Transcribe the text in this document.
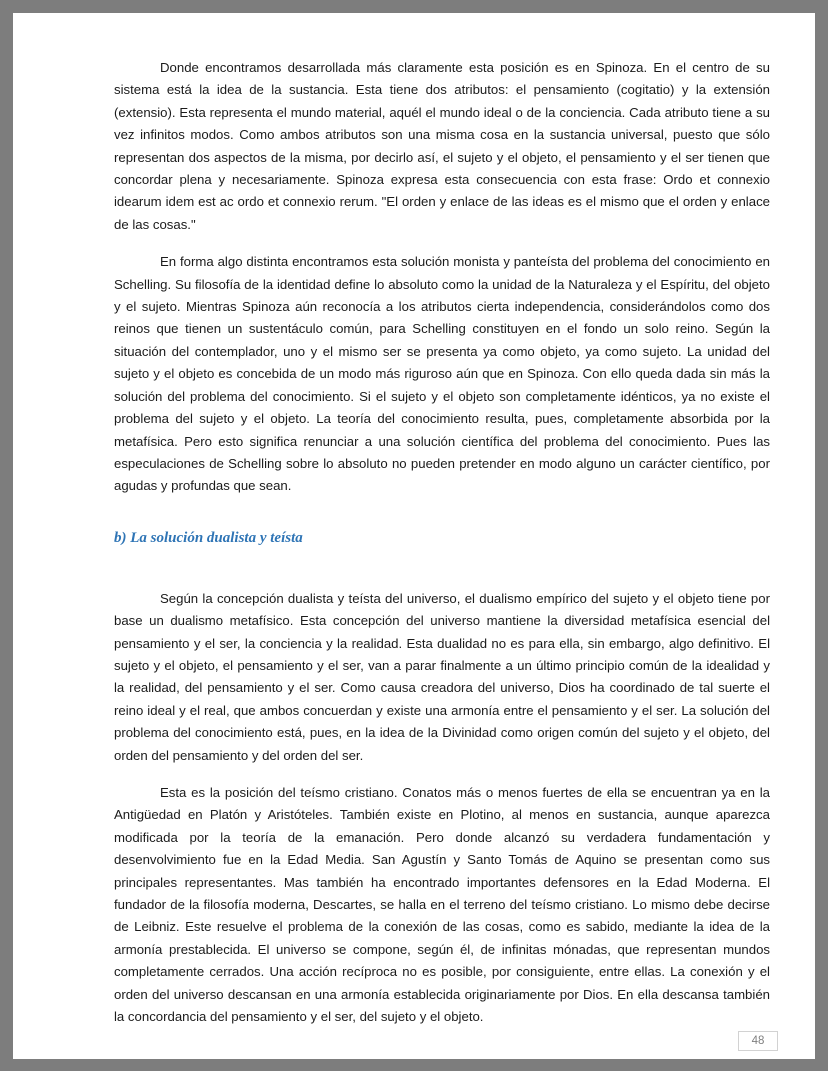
Donde encontramos desarrollada más claramente esta posición es en Spinoza. En el centro de su sistema está la idea de la sustancia. Esta tiene dos atributos: el pensamiento (cogitatio) y la extensión (extensio). Esta representa el mundo material, aquél el mundo ideal o de la conciencia. Cada atributo tiene a su vez infinitos modos. Como ambos atributos son una misma cosa en la sustancia universal, puesto que sólo representan dos aspectos de la misma, por decirlo así, el sujeto y el objeto, el pensamiento y el ser tienen que concordar plena y necesariamente. Spinoza expresa esta consecuencia con esta frase: Ordo et connexio idearum idem est ac ordo et connexio rerum. "El orden y enlace de las ideas es el mismo que el orden y enlace de las cosas."

En forma algo distinta encontramos esta solución monista y panteísta del problema del conocimiento en Schelling. Su filosofía de la identidad define lo absoluto como la unidad de la Naturaleza y el Espíritu, del objeto y el sujeto. Mientras Spinoza aún reconocía a los atributos cierta independencia, considerándolos como dos reinos que tienen un sustentáculo común, para Schelling constituyen en el fondo un solo reino. Según la situación del contemplador, uno y el mismo ser se presenta ya como objeto, ya como sujeto. La unidad del sujeto y el objeto es concebida de un modo más riguroso aún que en Spinoza. Con ello queda dada sin más la solución del problema del conocimiento. Si el sujeto y el objeto son completamente idénticos, ya no existe el problema del sujeto y el objeto. La teoría del conocimiento resulta, pues, completamente absorbida por la metafísica. Pero esto significa renunciar a una solución científica del problema del conocimiento. Pues las especulaciones de Schelling sobre lo absoluto no pueden pretender en modo alguno un carácter científico, por agudas y profundas que sean.

b) La solución dualista y teísta

Según la concepción dualista y teísta del universo, el dualismo empírico del sujeto y el objeto tiene por base un dualismo metafísico. Esta concepción del universo mantiene la diversidad metafísica esencial del pensamiento y el ser, la conciencia y la realidad. Esta dualidad no es para ella, sin embargo, algo definitivo. El sujeto y el objeto, el pensamiento y el ser, van a parar finalmente a un último principio común de la idealidad y la realidad, del pensamiento y el ser. Como causa creadora del universo, Dios ha coordinado de tal suerte el reino ideal y el real, que ambos concuerdan y existe una armonía entre el pensamiento y el ser. La solución del problema del conocimiento está, pues, en la idea de la Divinidad como origen común del sujeto y el objeto, del orden del pensamiento y del orden del ser.

Esta es la posición del teísmo cristiano. Conatos más o menos fuertes de ella se encuentran ya en la Antigüedad en Platón y Aristóteles. También existe en Plotino, al menos en sustancia, aunque aparezca modificada por la teoría de la emanación. Pero donde alcanzó su verdadera fundamentación y desenvolvimiento fue en la Edad Media. San Agustín y Santo Tomás de Aquino se presentan como sus principales representantes. Mas también ha encontrado importantes defensores en la Edad Moderna. El fundador de la filosofía moderna, Descartes, se halla en el terreno del teísmo cristiano. Lo mismo debe decirse de Leibniz. Este resuelve el problema de la conexión de las cosas, como es sabido, mediante la idea de la armonía prestablecida. El universo se compone, según él, de infinitas mónadas, que representan mundos completamente cerrados. Una acción recíproca no es posible, por consiguiente, entre ellas. La conexión y el orden del universo descansan en una armonía establecida originariamente por Dios. En ella descansa también la concordancia del pensamiento y el ser, del sujeto y el objeto.

48
